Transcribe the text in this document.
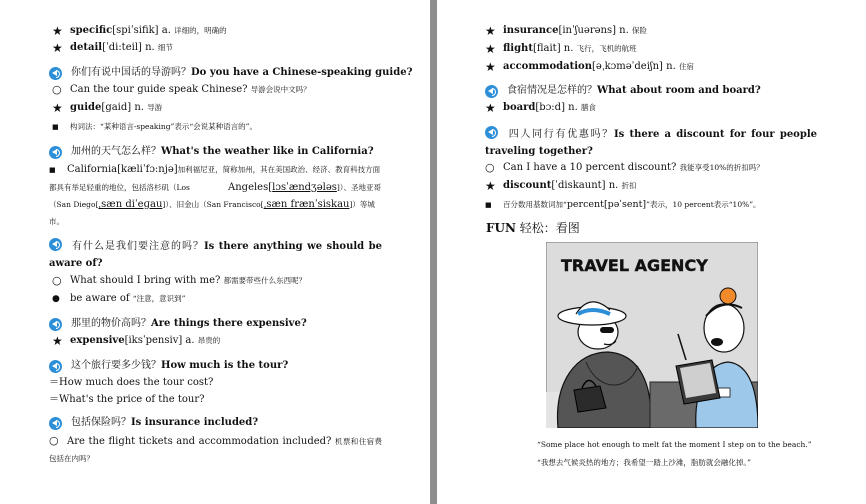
★ specific [spiˈsifik] a.
详细的，明确的
★ detail [ˈdi:teil] n.
细节
你们有说中国话的导游吗？ Do you have a Chinese-speaking guide?
○ Can the tour guide speak Chinese?
导游会说中文吗？
★ guide [gaid] n.
导游
■	构词法：“某种语言-speaking”表示“会说某种语言的”。
加州的天气怎么样？ What's the weather like in California?
■ California[kæliˈfɔ:njə]加利福尼亚，简称加州，其在美国政治、经济、教育科技方面都具有举足轻重的地位，包括洛杉矶（Los	Angeles[lɔsˈændʒələs]）、圣地亚哥（San Diego[ˌsæn diˈeɡau]）、旧金山（San Francisco[ˌsæn frænˈsiskau]）等城市。
有什么是我们要注意的吗？Is there anything we should be aware of?
○ What should I bring with me?
都需要带些什么东西呢？
●	be aware of
“注意，意识到”
那里的物价高吗？ Are things there expensive?
★ expensive [iksˈpensiv] a.
昂贵的
这个旅行要多少钱？ How much is the tour?
＝How much does the tour cost?
＝What's the price of the tour?
包括保险吗？ Is insurance included?
○ Are the flight tickets and accommodation included? 机票和住宿费包括在内吗？
★ insurance [inˈʃuərəns] n.
保险
★ flight [flait] n.
飞行，飞机的航班
★ accommodation [əˌkɔməˈdeiʃn] n.
住宿
食宿情况是怎样的？ What about room and board?
★ board [bɔ:d] n.
膳食
四人同行有优惠吗？Is there a discount for four people traveling together?
○ Can I have a 10 percent discount?
我能享受10%的折扣吗？
★ discount [ˈdiskaunt] n.
折扣
■	百分数用基数词加“ percent[pəˈsent] ”表示，10 percent表示“10%”。
FUN 轻松：看图
TRAVEL AGENCY
“Some place hot enough to melt fat the moment I step on to the beach.”
“我想去气候炎热的地方；我希望一踏上沙滩，脂肪就会融化掉。”
